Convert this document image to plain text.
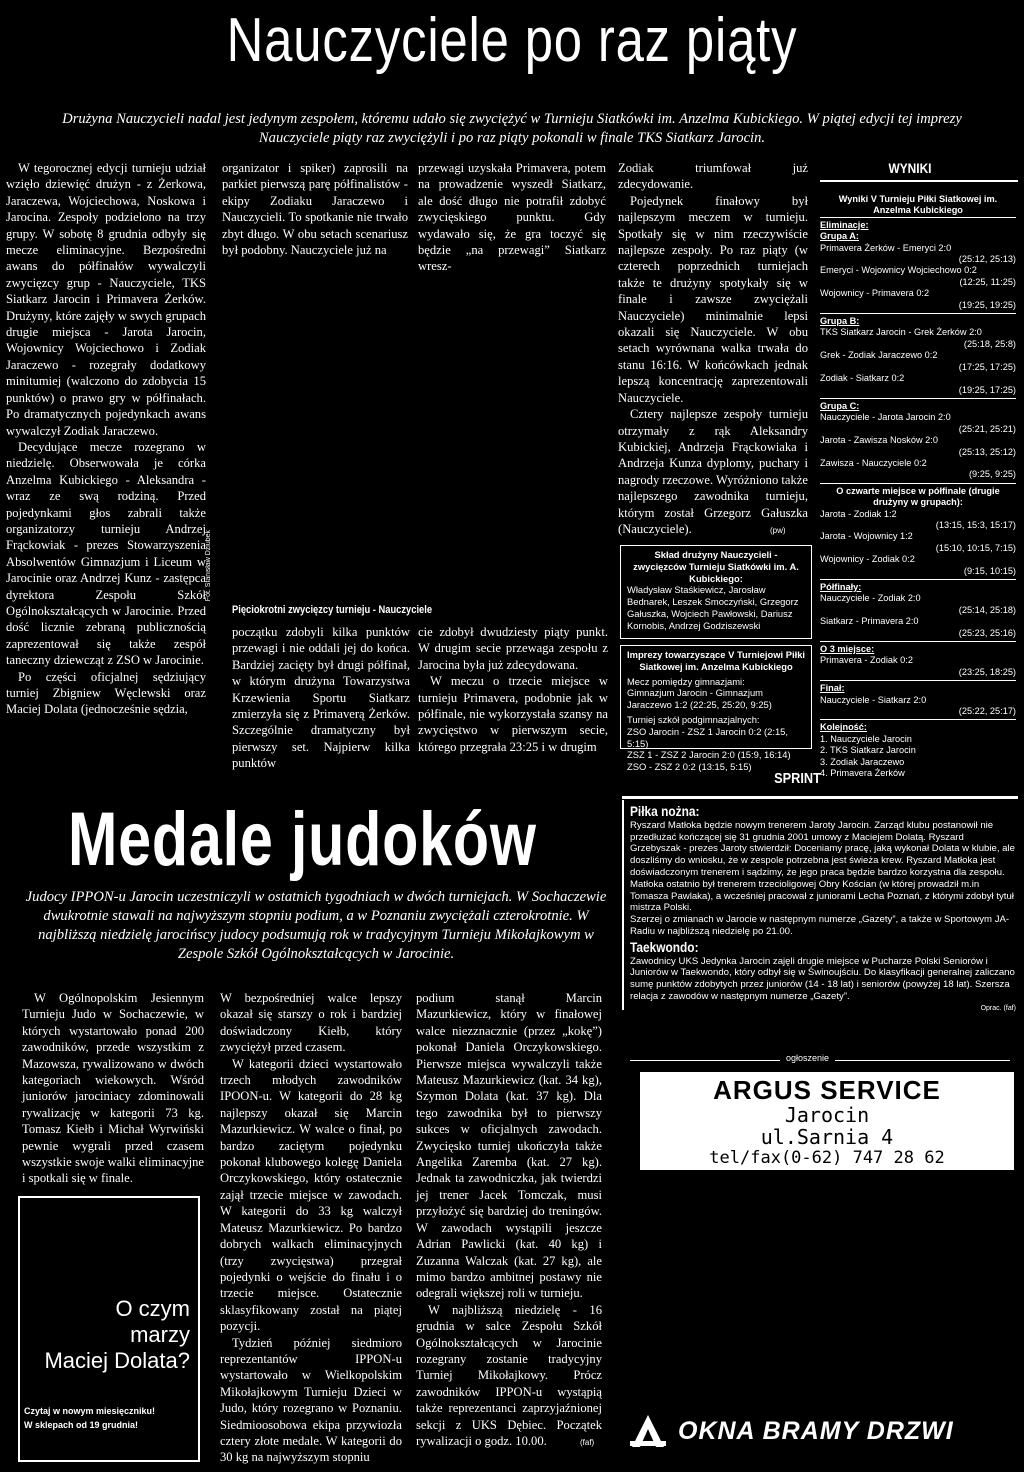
Nauczyciele po raz piąty
Drużyna Nauczycieli nadal jest jedynym zespołem, któremu udało się zwyciężyć w Turnieju Siatkówki im. Anzelma Kubickiego. W piątej edycji tej imprezy Nauczyciele piąty raz zwyciężyli i po raz piąty pokonali w finale TKS Siatkarz Jarocin.

W tegorocznej edycji turnieju udział wzięło dziewięć drużyn - z Żerkowa, Jaraczewa, Wojciechowa, Noskowa i Jarocina. Zespoły podzielono na trzy grupy. W sobotę 8 grudnia odbyły się mecze eliminacyjne. Bezpośredni awans do półfinałów wywalczyli zwycięzcy grup - Nauczyciele, TKS Siatkarz Jarocin i Primavera Żerków. Drużyny, które zajęły w swych grupach drugie miejsca - Jarota Jarocin, Wojownicy Wojciechowo i Zodiak Jaraczewo - rozegrały dodatkowy minitumiej (walczono do zdobycia 15 punktów) o prawo gry w półfinałach. Po dramatycznych pojedynkach awans wywalczył Zodiak Jaraczewo.

Decydujące mecze rozegrano w niedzielę. Obserwowała je córka Anzelma Kubickiego - Aleksandra - wraz ze swą rodziną. Przed pojedynkami głos zabrali także organizatorzy turnieju Andrzej Frąckowiak - prezes Stowarzyszenia Absolwentów Gimnazjum i Liceum w Jarocinie oraz Andrzej Kunz - zastępca dyrektora Zespołu Szkół Ogólnokształcących w Jarocinie. Przed dość licznie zebraną publicznością zaprezentował się także zespół taneczny dziewcząt z ZSO w Jarocinie.

Po części oficjalnej sędziujący turniej Zbigniew Węclewski oraz Maciej Dolata (jednocześnie sędzia,

Fot. Stanisław Dziubek

organizator i spiker) zaprosili na parkiet pierwszą parę półfinalistów - ekipy Zodiaku Jaraczewo i Nauczycieli. To spotkanie nie trwało zbyt długo. W obu setach scenariusz był podobny. Nauczyciele już na

przewagi uzyskała Primavera, potem na prowadzenie wyszedł Siatkarz, ale dość długo nie potrafił zdobyć zwycięskiego punktu. Gdy wydawało się, że gra toczyć się będzie „na przewagi” Siatkarz wresz-

Pięciokrotni zwycięzcy turnieju - Nauczyciele

początku zdobyli kilka punktów przewagi i nie oddali jej do końca. Bardziej zacięty był drugi półfinał, w którym drużyna Towarzystwa Krzewienia Sportu Siatkarz zmierzyła się z Primaverą Żerków. Szczególnie dramatyczny był pierwszy set. Najpierw kilka punktów

cie zdobył dwudziesty piąty punkt. W drugim secie przewaga zespołu z Jarocina była już zdecydowana.

W meczu o trzecie miejsce w turnieju Primavera, podobnie jak w półfinale, nie wykorzystała szansy na zwycięstwo w pierwszym secie, którego przegrała 23:25 i w drugim

Zodiak triumfował już zdecydowanie.

Pojedynek finałowy był najlepszym meczem w turnieju. Spotkały się w nim rzeczywiście najlepsze zespoły. Po raz piąty (w czterech poprzednich turniejach także te drużyny spotykały się w finale i zawsze zwyciężali Nauczyciele) minimalnie lepsi okazali się Nauczyciele. W obu setach wyrównana walka trwała do stanu 16:16. W końcówkach jednak lepszą koncentrację zaprezentowali Nauczyciele.

Cztery najlepsze zespoły turnieju otrzymały z rąk Aleksandry Kubickiej, Andrzeja Frąckowiaka i Andrzeja Kunza dyplomy, puchary i nagrody rzeczowe. Wyróżniono także najlepszego zawodnika turnieju, którym został Grzegorz Gałuszka (Nauczyciele).	(pw)
Skład drużyny Nauczycieli - zwycięzców Turnieju Siatkówki im. A. Kubickiego:
Władysław Staśkiewicz, Jarosław Bednarek, Leszek Smoczyński, Grzegorz Gałuszka, Wojciech Pawłowski, Dariusz Kornobis, Andrzej Godziszewski
Imprezy towarzyszące V Turniejowi Piłki Siatkowej im. Anzelma Kubickiego
Mecz pomiędzy gimnazjami:
Gimnazjum Jarocin - Gimnazjum Jaraczewo 1:2 (22:25, 25:20, 9:25)
Turniej szkół podgimnazjalnych:
ZSO Jarocin - ZSZ 1 Jarocin 0:2 (2:15, 5:15)
ZSZ 1 - ZSZ 2 Jarocin 2:0 (15:9, 16:14)
ZSO - ZSZ 2 0:2 (13:15, 5:15)
WYNIKI
Wyniki V Turnieju Piłki Siatkowej im. Anzelma Kubickiego
Eliminacje:
Grupa A:
Primavera Żerków - Emeryci 2:0
(25:12, 25:13)
Emeryci - Wojownicy Wojciechowo 0:2
(12:25, 11:25)
Wojownicy - Primavera 0:2
(19:25, 19:25)
Grupa B:
TKS Siatkarz Jarocin - Grek Żerków 2:0
(25:18, 25:8)
Grek - Zodiak Jaraczewo 0:2
(17:25, 17:25)
Zodiak - Siatkarz 0:2
(19:25, 17:25)
Grupa C:
Nauczyciele - Jarota Jarocin 2:0
(25:21, 25:21)
Jarota - Zawisza Nosków 2:0
(25:13, 25:12)
Zawisza - Nauczyciele 0:2
(9:25, 9:25)
O czwarte miejsce w półfinale (drugie drużyny w grupach):
Jarota - Zodiak 1:2
(13:15, 15:3, 15:17)
Jarota - Wojownicy 1:2
(15:10, 10:15, 7:15)
Wojownicy - Zodiak 0:2
(9:15, 10:15)
Półfinały:
Nauczyciele - Zodiak 2:0
(25:14, 25:18)
Siatkarz - Primavera 2:0
(25:23, 25:16)
O 3 miejsce:
Primavera - Zodiak 0:2
(23:25, 18:25)
Finał:
Nauczyciele - Siatkarz 2:0
(25:22, 25:17)
Kolejność:
1. Nauczyciele Jarocin
2. TKS Siatkarz Jarocin
3. Zodiak Jaraczewo
4. Primavera Żerków
Medale judoków
Judocy IPPON-u Jarocin uczestniczyli w ostatnich tygodniach w dwóch turniejach. W Sochaczewie dwukrotnie stawali na najwyższym stopniu podium, a w Poznaniu zwyciężali czterokrotnie. W najbliższą niedzielę jarocińscy judocy podsumują rok w tradycyjnym Turnieju Mikołajkowym w Zespole Szkół Ogólnokształcących w Jarocinie.

W Ogólnopolskim Jesiennym Turnieju Judo w Sochaczewie, w których wystartowało ponad 200 zawodników, przede wszystkim z Mazowsza, rywalizowano w dwóch kategoriach wiekowych. Wśród juniorów jarociniacy zdominowali rywalizację w kategorii 73 kg. Tomasz Kiełb i Michał Wyrwiński pewnie wygrali przed czasem wszystkie swoje walki eliminacyjne i spotkali się w finale.

O czym
marzy
Maciej Dolata?
Czytaj w nowym miesięczniku!
W sklepach od 19 grudnia!

W bezpośredniej walce lepszy okazał się starszy o rok i bardziej doświadczony Kiełb, który zwyciężył przed czasem.

W kategorii dzieci wystartowało trzech młodych zawodników IPOON-u. W kategorii do 28 kg najlepszy okazał się Marcin Mazurkiewicz. W walce o finał, po bardzo zaciętym pojedynku pokonał klubowego kolegę Daniela Orczykowskiego, który ostatecznie zajął trzecie miejsce w zawodach. W kategorii do 33 kg walczył Mateusz Mazurkiewicz. Po bardzo dobrych walkach eliminacyjnych (trzy zwycięstwa) przegrał pojedynki o wejście do finału i o trzecie miejsce. Ostatecznie sklasyfikowany został na piątej pozycji.

Tydzień później siedmioro reprezentantów IPPON-u wystartowało w Wielkopolskim Mikołajkowym Turnieju Dzieci w Judo, który rozegrano w Poznaniu. Siedmioosobowa ekipa przywiozła cztery złote medale. W kategorii do 30 kg na najwyższym stopniu

podium stanął Marcin Mazurkiewicz, który w finałowej walce niezznacznie (przez „kokę”) pokonał Daniela Orczykowskiego. Pierwsze miejsca wywalczyli także Mateusz Mazurkiewicz (kat. 34 kg), Szymon Dolata (kat. 37 kg). Dla tego zawodnika był to pierwszy sukces w oficjalnych zawodach. Zwycięsko turniej ukończyła także Angelika Zaremba (kat. 27 kg). Jednak ta zawodniczka, jak twierdzi jej trener Jacek Tomczak, musi przyłożyć się bardziej do treningów. W zawodach wystąpili jeszcze Adrian Pawlicki (kat. 40 kg) i Zuzanna Walczak (kat. 27 kg), ale mimo bardzo ambitnej postawy nie odegrali większej roli w turnieju.

W najbliższą niedzielę - 16 grudnia w salce Zespołu Szkół Ogólnokształcących w Jarocinie rozegrany zostanie tradycyjny Turniej Mikołajkowy. Prócz zawodników IPPON-u wystąpią także reprezentanci zaprzyjaźnionej sekcji z UKS Dębiec. Początek rywalizacji o godz. 10.00.	(faf)
SPRINT
Piłka nożna:
Ryszard Matłoka będzie nowym trenerem Jaroty Jarocin. Zarząd klubu postanowił nie przedłużać kończącej się 31 grudnia 2001 umowy z Maciejem Dolatą. Ryszard Grzebyszak - prezes Jaroty stwierdził: Doceniamy pracę, jaką wykonał Dolata w klubie, ale doszliśmy do wniosku, że w zespole potrzebna jest świeża krew. Ryszard Matłoka jest doświadczonym trenerem i sądzimy, że jego praca będzie bardzo korzystna dla zespołu.
Matłoka ostatnio był trenerem trzecioligowej Obry Kościan (w której prowadził m.in Tomasza Pawlaka), a wcześniej pracował z juniorami Lecha Poznań, z którymi zdobył tytuł mistrza Polski.
Szerzej o zmianach w Jarocie w następnym numerze „Gazety”, a także w Sportowym JA-Radiu w najbliższą niedzielę po 21.00.
Taekwondo:
Zawodnicy UKS Jedynka Jarocin zajęli drugie miejsce w Pucharze Polski Seniorów i Juniorów w Taekwondo, który odbył się w Świnoujściu. Do klasyfikacji generalnej zaliczano sumę punktów zdobytych przez juniorów (14 - 18 lat) i seniorów (powyżej 18 lat). Szersza relacja z zawodów w następnym numerze „Gazety”.
Oprac. (faf)
ogłoszenie
ARGUS SERVICE
Jarocin
ul.Sarnia 4
tel/fax(0-62) 747 28 62
OKNA BRAMY DRZWI
